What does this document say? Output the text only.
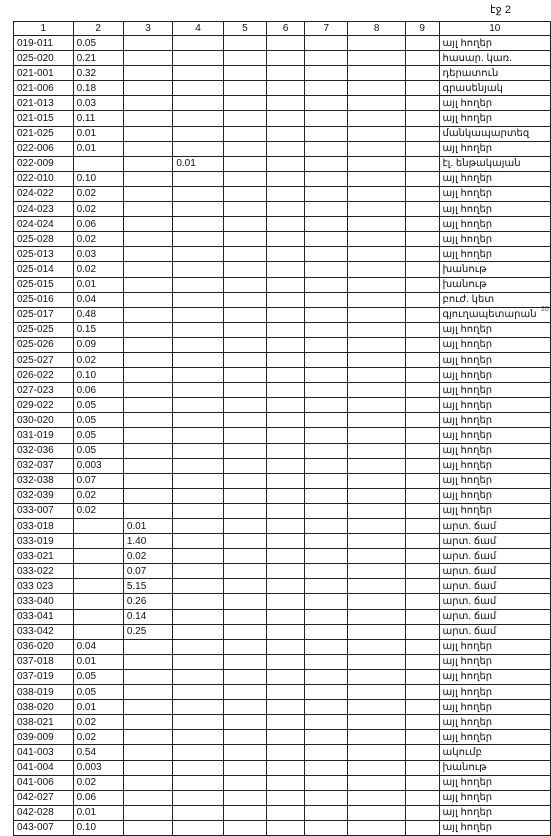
էջ 2
20
1	2	3	4	5	6	7	8	9	10
019-011	0.05								այլ հողեր
025-020	0.21								հասար. կառ.
021-001	0.32								դերատուն
021-006	0.18								գրասենյակ
021-013	0.03								այլ հողեր
021-015	0.11								այլ հողեր
021-025	0.01								մանկապարտեզ
022-006	0.01								այլ հողեր
022-009			0.01						էլ. ենթակայան
022-010	0.10								այլ հողեր
024-022	0.02								այլ հողեր
024-023	0.02								այլ հողեր
024-024	0.06								այլ հողեր
025-028	0.02								այլ հողեր
025-013	0.03								այլ հողեր
025-014	0.02								խանութ
025-015	0.01								խանութ
025-016	0.04								բուժ. կետ
025-017	0.48								գյուղապետարան
025-025	0.15								այլ հողեր
025-026	0.09								այլ հողեր
025-027	0.02								այլ հողեր
026-022	0.10								այլ հողեր
027-023	0.06								այլ հողեր
029-022	0.05								այլ հողեր
030-020	0.05								այլ հողեր
031-019	0.05								այլ հողեր
032-036	0.05								այլ հողեր
032-037	0.003								այլ հողեր
032-038	0.07								այլ հողեր
032-039	0.02								այլ հողեր
033-007	0.02								այլ հողեր
033-018		0.01							արտ. ճամ
033-019		1.40							արտ. ճամ
033-021		0.02							արտ. ճամ
033-022		0.07							արտ. ճամ
033 023		5.15							արտ. ճամ
033-040		0.26							արտ. ճամ
033-041		0.14							արտ. ճամ
033-042		0.25							արտ. ճամ
036-020	0.04								այլ հողեր
037-018	0.01								այլ հողեր
037-019	0.05								այլ հողեր
038-019	0.05								այլ հողեր
038-020	0.01								այլ հողեր
038-021	0.02								այլ հողեր
039-009	0.02								այլ հողեր
041-003	0.54								ակումբ
041-004	0.003								խանութ
041-006	0.02								այլ հողեր
042-027	0.06								այլ հողեր
042-028	0.01								այլ հողեր
043-007	0.10								այլ հողեր
